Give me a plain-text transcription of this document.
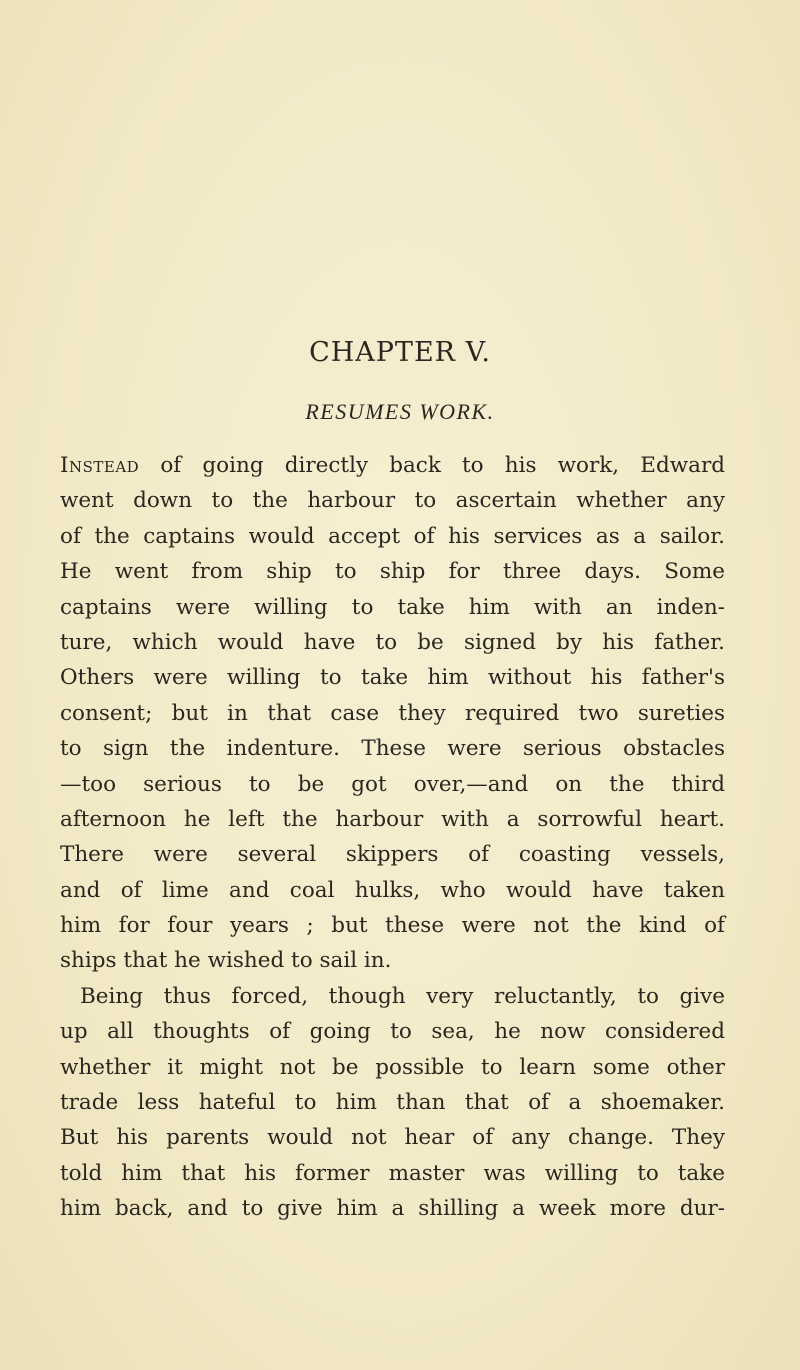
CHAPTER V.
RESUMES WORK.
Instead of going directly back to his work, Edward
went down to the harbour to ascertain whether any
of the captains would accept of his services as a sailor.
He went from ship to ship for three days. Some
captains were willing to take him with an inden-
ture, which would have to be signed by his father.
Others were willing to take him without his father's
consent; but in that case they required two sureties
to sign the indenture. These were serious obstacles
—too serious to be got over,—and on the third
afternoon he left the harbour with a sorrowful heart.
There were several skippers of coasting vessels,
and of lime and coal hulks, who would have taken
him for four years ; but these were not the kind of
ships that he wished to sail in.
Being thus forced, though very reluctantly, to give
up all thoughts of going to sea, he now considered
whether it might not be possible to learn some other
trade less hateful to him than that of a shoemaker.
But his parents would not hear of any change. They
told him that his former master was willing to take
him back, and to give him a shilling a week more dur-
